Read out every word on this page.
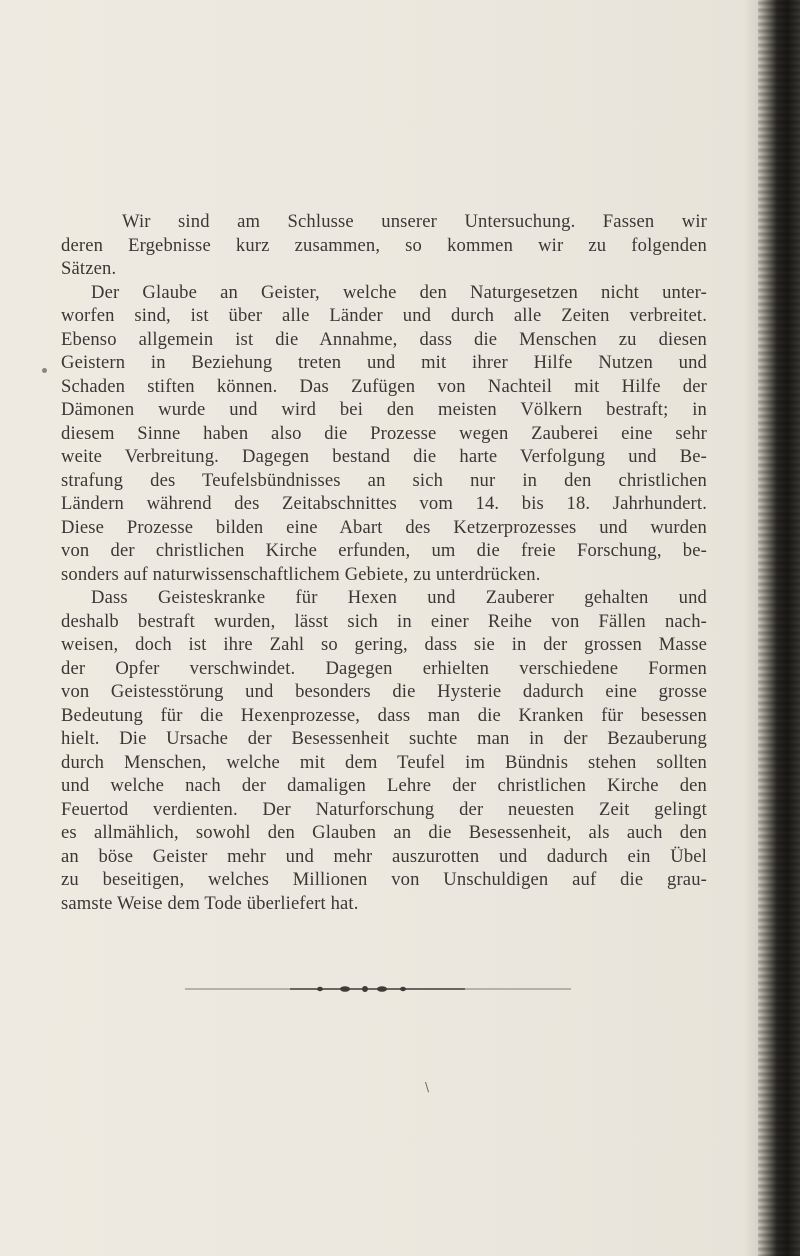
Wir sind am Schlusse unserer Untersuchung. Fassen wir
deren Ergebnisse kurz zusammen, so kommen wir zu folgenden
Sätzen.
Der Glaube an Geister, welche den Naturgesetzen nicht unter-
worfen sind, ist über alle Länder und durch alle Zeiten verbreitet.
Ebenso allgemein ist die Annahme, dass die Menschen zu diesen
Geistern in Beziehung treten und mit ihrer Hilfe Nutzen und
Schaden stiften können. Das Zufügen von Nachteil mit Hilfe der
Dämonen wurde und wird bei den meisten Völkern bestraft; in
diesem Sinne haben also die Prozesse wegen Zauberei eine sehr
weite Verbreitung. Dagegen bestand die harte Verfolgung und Be-
strafung des Teufelsbündnisses an sich nur in den christlichen
Ländern während des Zeitabschnittes vom 14. bis 18. Jahrhundert.
Diese Prozesse bilden eine Abart des Ketzerprozesses und wurden
von der christlichen Kirche erfunden, um die freie Forschung, be-
sonders auf naturwissenschaftlichem Gebiete, zu unterdrücken.
Dass Geisteskranke für Hexen und Zauberer gehalten und
deshalb bestraft wurden, lässt sich in einer Reihe von Fällen nach-
weisen, doch ist ihre Zahl so gering, dass sie in der grossen Masse
der Opfer verschwindet. Dagegen erhielten verschiedene Formen
von Geistesstörung und besonders die Hysterie dadurch eine grosse
Bedeutung für die Hexenprozesse, dass man die Kranken für besessen
hielt. Die Ursache der Besessenheit suchte man in der Bezauberung
durch Menschen, welche mit dem Teufel im Bündnis stehen sollten
und welche nach der damaligen Lehre der christlichen Kirche den
Feuertod verdienten. Der Naturforschung der neuesten Zeit gelingt
es allmählich, sowohl den Glauben an die Besessenheit, als auch den
an böse Geister mehr und mehr auszurotten und dadurch ein Übel
zu beseitigen, welches Millionen von Unschuldigen auf die grau-
samste Weise dem Tode überliefert hat.
\
